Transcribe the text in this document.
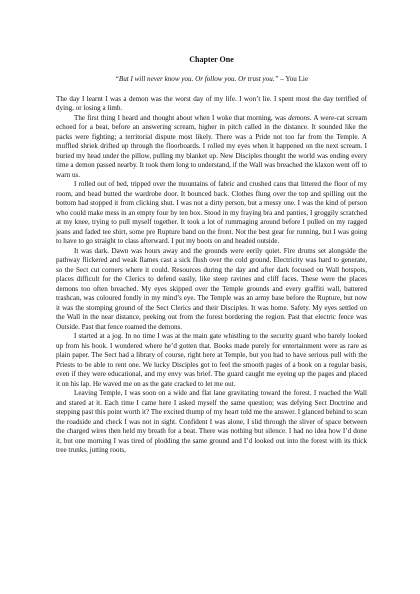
Chapter One

“But I will never know you. Or follow you. Or trust you.” – You Lie

The day I learnt I was a demon was the worst day of my life. I won’t lie. I spent most the day terrified of dying, or losing a limb.

The first thing I heard and thought about when I woke that morning, was demons. A were-cat scream echoed for a beat, before an answering scream, higher in pitch called in the distance. It sounded like the packs were fighting; a territorial dispute most likely. There was a Pride not too far from the Temple. A muffled shriek drifted up through the floorboards. I rolled my eyes when it happened on the next scream. I buried my head under the pillow, pulling my blanket up. New Disciples thought the world was ending every time a demon passed nearby. It took them long to understand, if the Wall was breached the klaxon went off to warn us.

I rolled out of bed, tripped over the mountains of fabric and crushed cans that littered the floor of my room, and head butted the wardrobe door. It bounced back. Clothes flung over the top and spilling out the bottom had stopped it from clicking shut. I was not a dirty person, but a messy one. I was the kind of person who could make mess in an empty four by ten box. Stood in my fraying bra and panties, I groggily scratched at my knee, trying to pull myself together. It took a lot of rummaging around before I pulled on my ragged jeans and faded tee shirt, some pre Rupture band on the front. Not the best gear for running, but I was going to have to go straight to class afterward. I put my boots on and headed outside.

It was dark. Dawn was hours away and the grounds were eerily quiet. Fire drums set alongside the pathway flickered and weak flames cast a sick flush over the cold ground. Electricity was hard to generate, so the Sect cut corners where it could. Resources during the day and after dark focused on Wall hotspots, places difficult for the Clerics to defend easily, like steep ravines and cliff faces. These were the places demons too often breached. My eyes skipped over the Temple grounds and every graffiti wall, battered trashcan, was coloured fondly in my mind’s eye. The Temple was an army base before the Rupture, but now it was the stomping ground of the Sect Clerics and their Disciples. It was home. Safety. My eyes settled on the Wall in the near distance, peeking out from the forest bordering the region. Past that electric fence was Outside. Past that fence roamed the demons.

I started at a jog. In no time I was at the main gate whistling to the security guard who barely looked up from his book. I wondered where he’d gotten that. Books made purely for entertainment were as rare as plain paper. The Sect had a library of course, right here at Temple, but you had to have serious pull with the Priests to be able to rent one. We lucky Disciples got to feel the smooth pages of a book on a regular basis, even if they were educational, and my envy was brief. The guard caught me eyeing up the pages and placed it on his lap. He waved me on as the gate cracked to let me out.

Leaving Temple, I was soon on a wide and flat lane gravitating toward the forest. I reached the Wall and stared at it. Each time I came here I asked myself the same question; was defying Sect Doctrine and stepping past this point worth it? The excited thump of my heart told me the answer. I glanced behind to scan the roadside and check I was not in sight. Confident I was alone, I slid through the sliver of space between the charged wires then held my breath for a beat. There was nothing but silence. I had no idea how I’d done it, but one morning I was tired of plodding the same ground and I’d looked out into the forest with its thick tree trunks, jutting roots,
